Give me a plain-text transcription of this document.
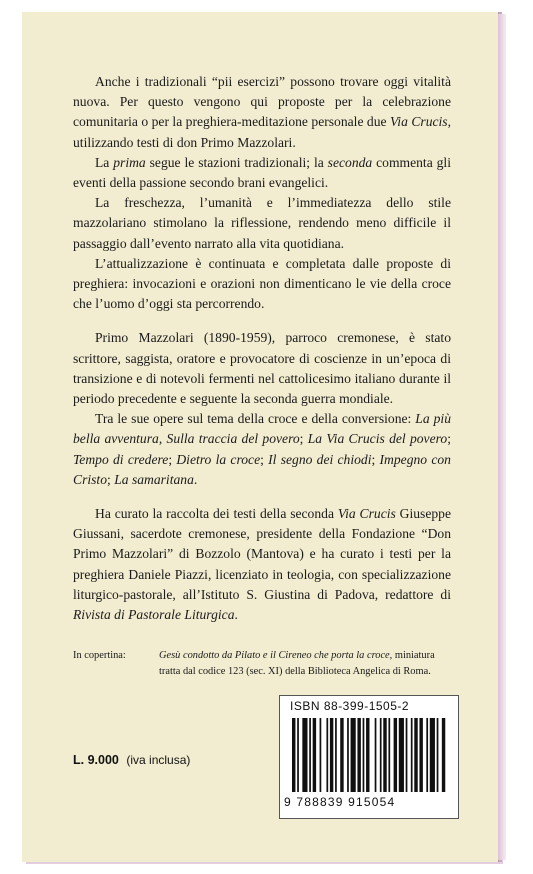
Anche i tradizionali “pii esercizi” possono trovare oggi vitalità nuova. Per questo vengono qui proposte per la celebrazione comunitaria o per la preghiera-meditazione personale due Via Crucis, utilizzando testi di don Primo Mazzolari.

La prima segue le stazioni tradizionali; la seconda commenta gli eventi della passione secondo brani evangelici.

La freschezza, l’umanità e l’immediatezza dello stile mazzolariano stimolano la riflessione, rendendo meno difficile il passaggio dall’evento narrato alla vita quotidiana.

L’attualizzazione è continuata e completata dalle proposte di preghiera: invocazioni e orazioni non dimenticano le vie della croce che l’uomo d’oggi sta percorrendo.

Primo Mazzolari (1890-1959), parroco cremonese, è stato scrittore, saggista, oratore e provocatore di coscienze in un’epoca di transizione e di notevoli fermenti nel cattolicesimo italiano durante il periodo precedente e seguente la seconda guerra mondiale.

Tra le sue opere sul tema della croce e della conversione: La più bella avventura, Sulla traccia del povero; La Via Crucis del povero; Tempo di credere; Dietro la croce; Il segno dei chiodi; Impegno con Cristo; La samaritana.

Ha curato la raccolta dei testi della seconda Via Crucis Giuseppe Giussani, sacerdote cremonese, presidente della Fondazione “Don Primo Mazzolari” di Bozzolo (Mantova) e ha curato i testi per la preghiera Daniele Piazzi, licenziato in teologia, con specializzazione liturgico-pastorale, all’Istituto S. Giustina di Padova, redattore di Rivista di Pastorale Liturgica.

In copertina:	Gesù condotto da Pilato e il Cireneo che porta la croce, miniatura
tratta dal codice 123 (sec. XI) della Biblioteca Angelica di Roma.
ISBN 88-399-1505-2
9 788839 915054
L. 9.000 (iva inclusa)
